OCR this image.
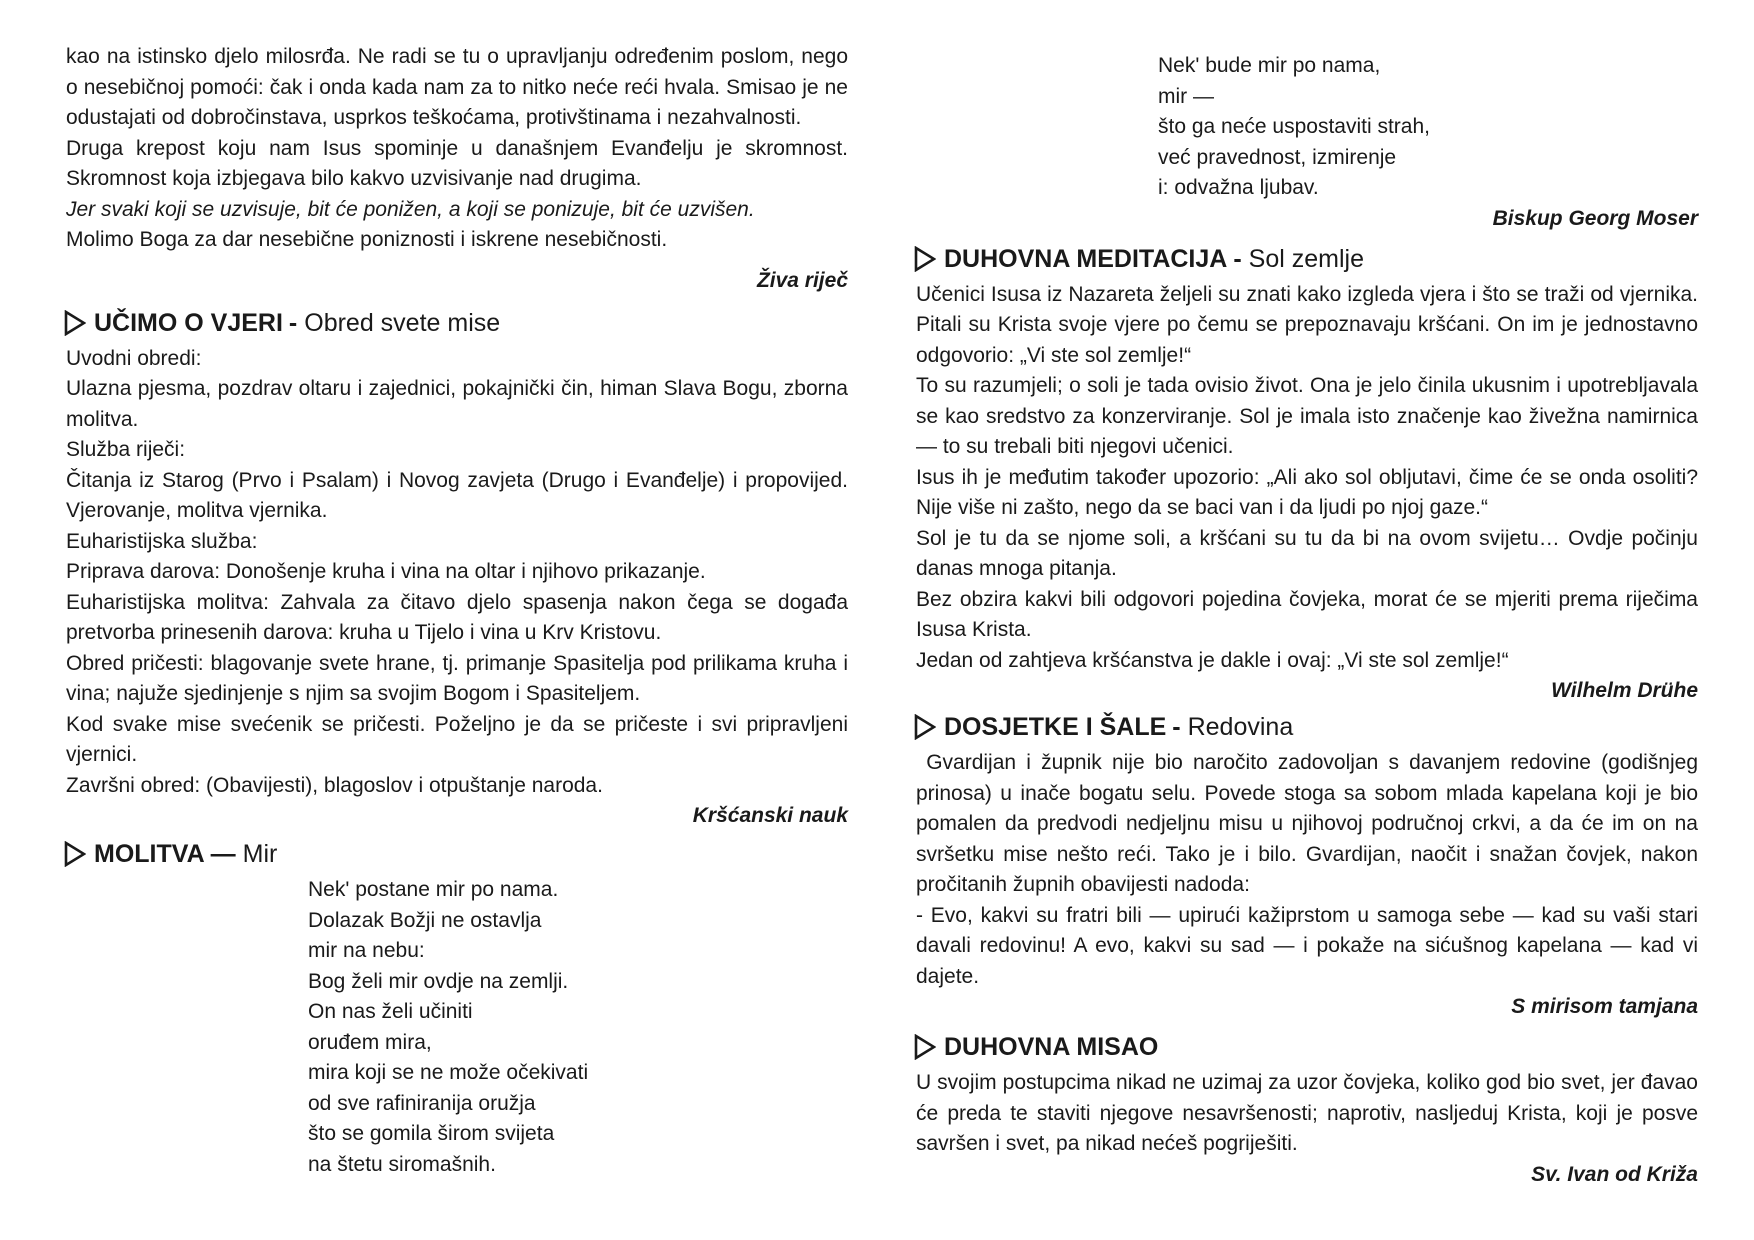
kao na istinsko djelo milosrđa. Ne radi se tu o upravljanju određenim poslom, nego o nesebičnoj pomoći: čak i onda kada nam za to nitko neće reći hvala. Smisao je ne odustajati od dobročinstava, usprkos teškoćama, protivštinama i nezahvalnosti.

Druga krepost koju nam Isus spominje u današnjem Evanđelju je skromnost. Skromnost koja izbjegava bilo kakvo uzvisivanje nad drugima.

Jer svaki koji se uzvisuje, bit će ponižen, a koji se ponizuje, bit će uzvišen.

Molimo Boga za dar nesebične poniznosti i iskrene nesebičnosti.

Živa riječ

UČIMO O VJERI - Obred svete mise

Uvodni obredi:

Ulazna pjesma, pozdrav oltaru i zajednici, pokajnički čin, himan Slava Bogu, zborna molitva.

Služba riječi:

Čitanja iz Starog (Prvo i Psalam) i Novog zavjeta (Drugo i Evanđelje) i propovijed. Vjerovanje, molitva vjernika.

Euharistijska služba:

Priprava darova: Donošenje kruha i vina na oltar i njihovo prikazanje.

Euharistijska molitva: Zahvala za čitavo djelo spasenja nakon čega se događa pretvorba prinesenih darova: kruha u Tijelo i vina u Krv Kristovu.

Obred pričesti: blagovanje svete hrane, tj. primanje Spasitelja pod prilikama kruha i vina; najuže sjedinjenje s njim sa svojim Bogom i Spasiteljem.

Kod svake mise svećenik se pričesti. Poželjno je da se pričeste i svi pripravljeni vjernici.

Završni obred: (Obavijesti), blagoslov i otpuštanje naroda.

Kršćanski nauk

MOLITVA — Mir
Nek' postane mir po nama.
Dolazak Božji ne ostavlja
mir na nebu:
Bog želi mir ovdje na zemlji.
On nas želi učiniti
oruđem mira,
mira koji se ne može očekivati
od sve rafiniranija oružja
što se gomila širom svijeta
na štetu siromašnih.
Nek' bude mir po nama,
mir —
što ga neće uspostaviti strah,
već pravednost, izmirenje
i: odvažna ljubav.

Biskup Georg Moser

DUHOVNA MEDITACIJA - Sol zemlje

Učenici Isusa iz Nazareta željeli su znati kako izgleda vjera i što se traži od vjernika. Pitali su Krista svoje vjere po čemu se prepoznavaju kršćani. On im je jednostavno odgovorio: „Vi ste sol zemlje!“

To su razumjeli; o soli je tada ovisio život. Ona je jelo činila ukusnim i upotrebljavala se kao sredstvo za konzerviranje. Sol je imala isto značenje kao živežna namirnica — to su trebali biti njegovi učenici.

Isus ih je međutim također upozorio: „Ali ako sol obljutavi, čime će se onda osoliti? Nije više ni zašto, nego da se baci van i da ljudi po njoj gaze.“

Sol je tu da se njome soli, a kršćani su tu da bi na ovom svijetu… Ovdje počinju danas mnoga pitanja.

Bez obzira kakvi bili odgovori pojedina čovjeka, morat će se mjeriti prema riječima Isusa Krista.

Jedan od zahtjeva kršćanstva je dakle i ovaj: „Vi ste sol zemlje!“

Wilhelm Drühe

DOSJETKE I ŠALE - Redovina

Gvardijan i župnik nije bio naročito zadovoljan s davanjem redovine (godišnjeg prinosa) u inače bogatu selu. Povede stoga sa sobom mlada kapelana koji je bio pomalen da predvodi nedjeljnu misu u njihovoj područnoj crkvi, a da će im on na svršetku mise nešto reći. Tako je i bilo. Gvardijan, naočit i snažan čovjek, nakon pročitanih župnih obavijesti nadoda:

- Evo, kakvi su fratri bili — upirući kažiprstom u samoga sebe — kad su vaši stari davali redovinu! A evo, kakvi su sad — i pokaže na sićušnog kapelana — kad vi dajete.

S mirisom tamjana

DUHOVNA MISAO

U svojim postupcima nikad ne uzimaj za uzor čovjeka, koliko god bio svet, jer đavao će preda te staviti njegove nesavršenosti; naprotiv, nasljeduj Krista, koji je posve savršen i svet, pa nikad nećeš pogriješiti.

Sv. Ivan od Križa
